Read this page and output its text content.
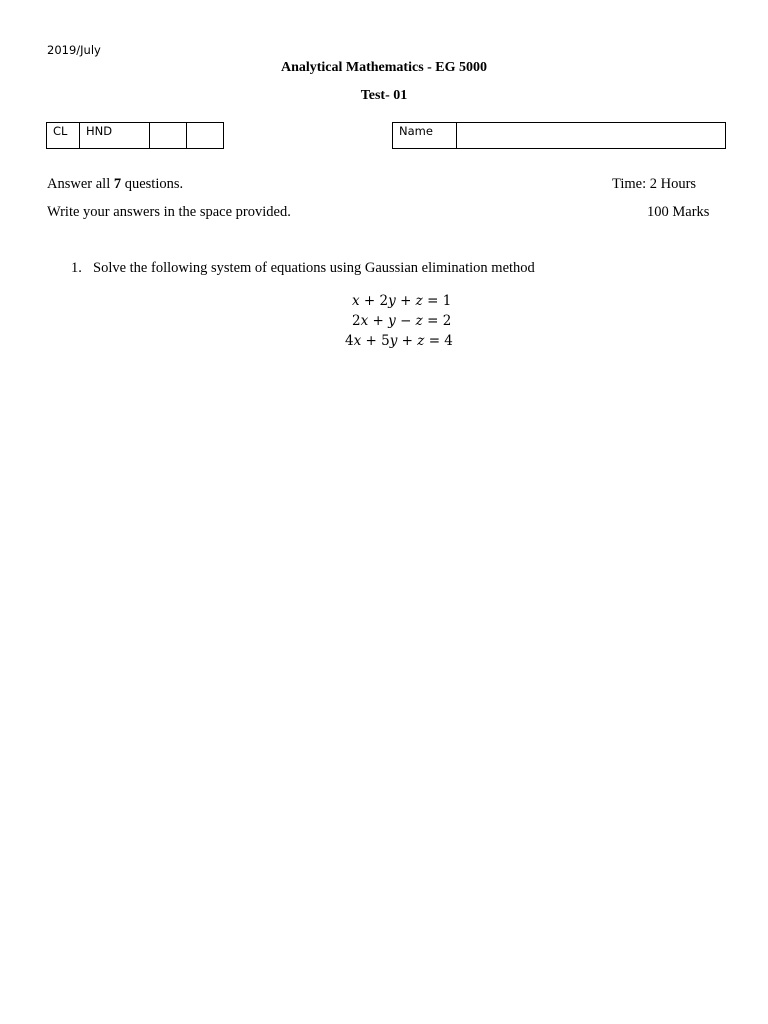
2019/July
Analytical Mathematics - EG 5000
Test- 01
CL	HND			Name	
Answer all 7 questions.
Write your answers in the space provided.
Time: 2 Hours
100 Marks
1. Solve the following system of equations using Gaussian elimination method
x + 2y + z = 1
2x + y − z = 2
4x + 5y + z = 4
